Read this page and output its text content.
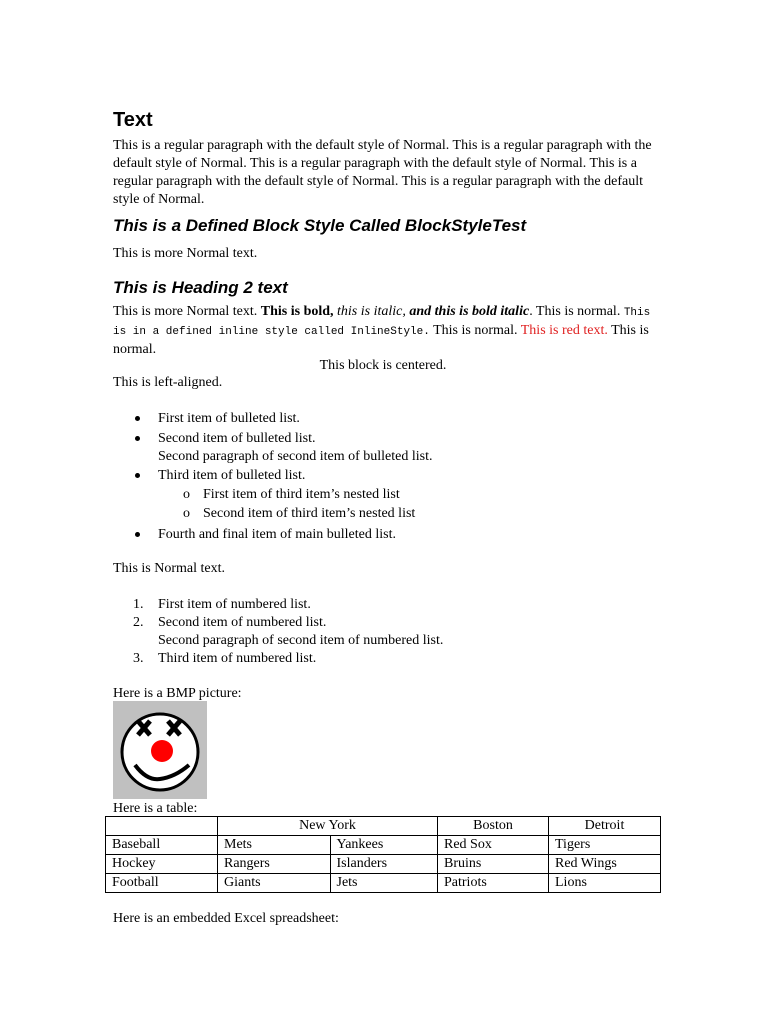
Text

This is a regular paragraph with the default style of Normal. This is a regular paragraph with the default style of Normal. This is a regular paragraph with the default style of Normal. This is a regular paragraph with the default style of Normal. This is a regular paragraph with the default style of Normal.

This is a Defined Block Style Called BlockStyleTest

This is more Normal text.

This is Heading 2 text

This is more Normal text. This is bold, this is italic, and this is bold italic. This is normal. This is in a defined inline style called InlineStyle. This is normal. This is red text. This is normal.

This block is centered.

This is left-aligned.

First item of bulleted list.
Second item of bulleted list.
Second paragraph of second item of bulleted list.
Third item of bulleted list.
o First item of third item’s nested list
o Second item of third item’s nested list
Fourth and final item of main bulleted list.

This is Normal text.

1. First item of numbered list.
2. Second item of numbered list.
Second paragraph of second item of numbered list.
3. Third item of numbered list.

Here is a BMP picture:

Here is a table:

	New York		Boston	Detroit
Baseball	Mets	Yankees	Red Sox	Tigers
Hockey	Rangers	Islanders	Bruins	Red Wings
Football	Giants	Jets	Patriots	Lions

Here is an embedded Excel spreadsheet:
